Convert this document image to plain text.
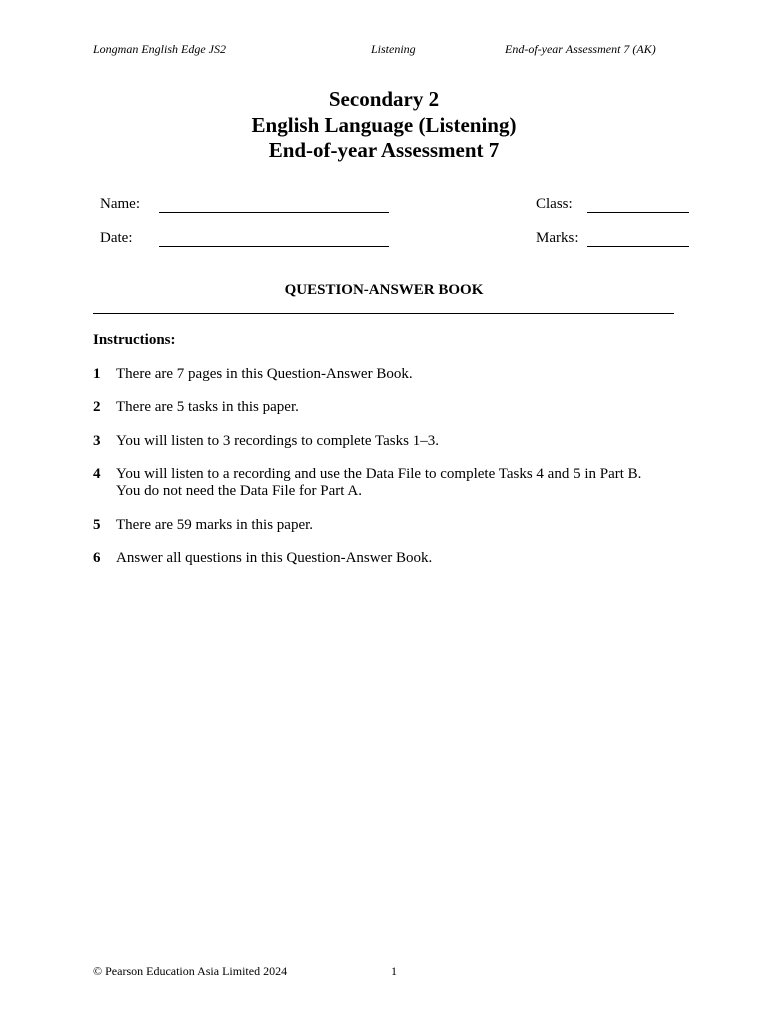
Longman English Edge JS2	Listening	End-of-year Assessment 7 (AK)
Secondary 2
English Language (Listening)
End-of-year Assessment 7
Name:	Class:
Date:	Marks:
QUESTION-ANSWER BOOK
Instructions:
1 There are 7 pages in this Question-Answer Book.
2 There are 5 tasks in this paper.
3 You will listen to 3 recordings to complete Tasks 1–3.
4 You will listen to a recording and use the Data File to complete Tasks 4 and 5 in Part B.
You do not need the Data File for Part A.
5 There are 59 marks in this paper.
6 Answer all questions in this Question-Answer Book.
© Pearson Education Asia Limited 2024	1
